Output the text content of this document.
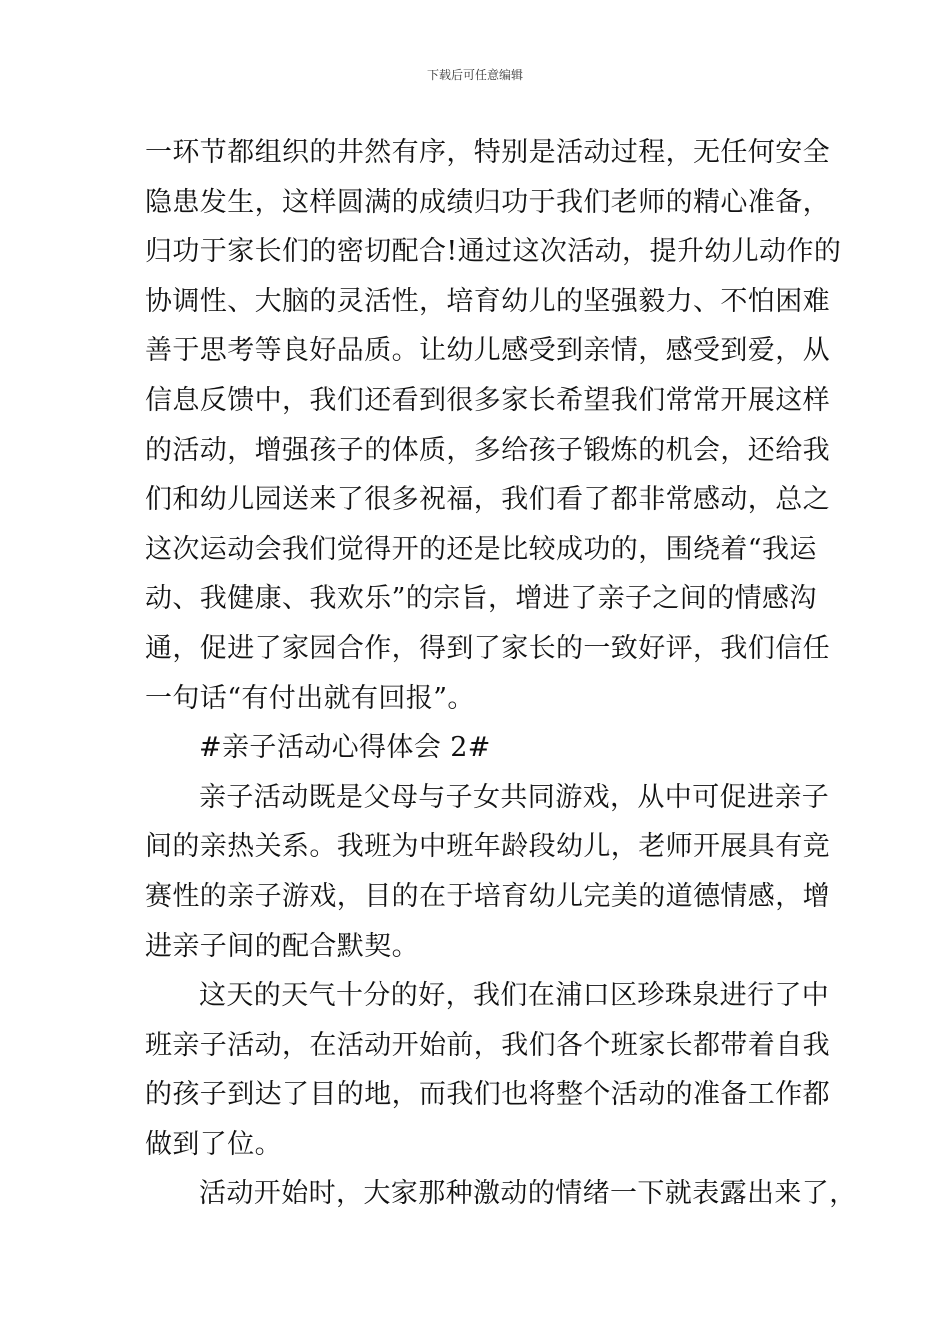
下载后可任意编辑
一环节都组织的井然有序，特别是活动过程，无任何安全
隐患发生，这样圆满的成绩归功于我们老师的精心准备，
归功于家长们的密切配合!通过这次活动，提升幼儿动作的
协调性、大脑的灵活性，培育幼儿的坚强毅力、不怕困难
善于思考等良好品质。让幼儿感受到亲情，感受到爱，从
信息反馈中，我们还看到很多家长希望我们常常开展这样
的活动，增强孩子的体质，多给孩子锻炼的机会，还给我
们和幼儿园送来了很多祝福，我们看了都非常感动，总之
这次运动会我们觉得开的还是比较成功的，围绕着“我运
动、我健康、我欢乐”的宗旨，增进了亲子之间的情感沟
通，促进了家园合作，得到了家长的一致好评，我们信任
一句话“有付出就有回报”。
#亲子活动心得体会 2#
亲子活动既是父母与子女共同游戏，从中可促进亲子
间的亲热关系。我班为中班年龄段幼儿，老师开展具有竞
赛性的亲子游戏，目的在于培育幼儿完美的道德情感，增
进亲子间的配合默契。
这天的天气十分的好，我们在浦口区珍珠泉进行了中
班亲子活动，在活动开始前，我们各个班家长都带着自我
的孩子到达了目的地，而我们也将整个活动的准备工作都
做到了位。
活动开始时，大家那种激动的情绪一下就表露出来了，
